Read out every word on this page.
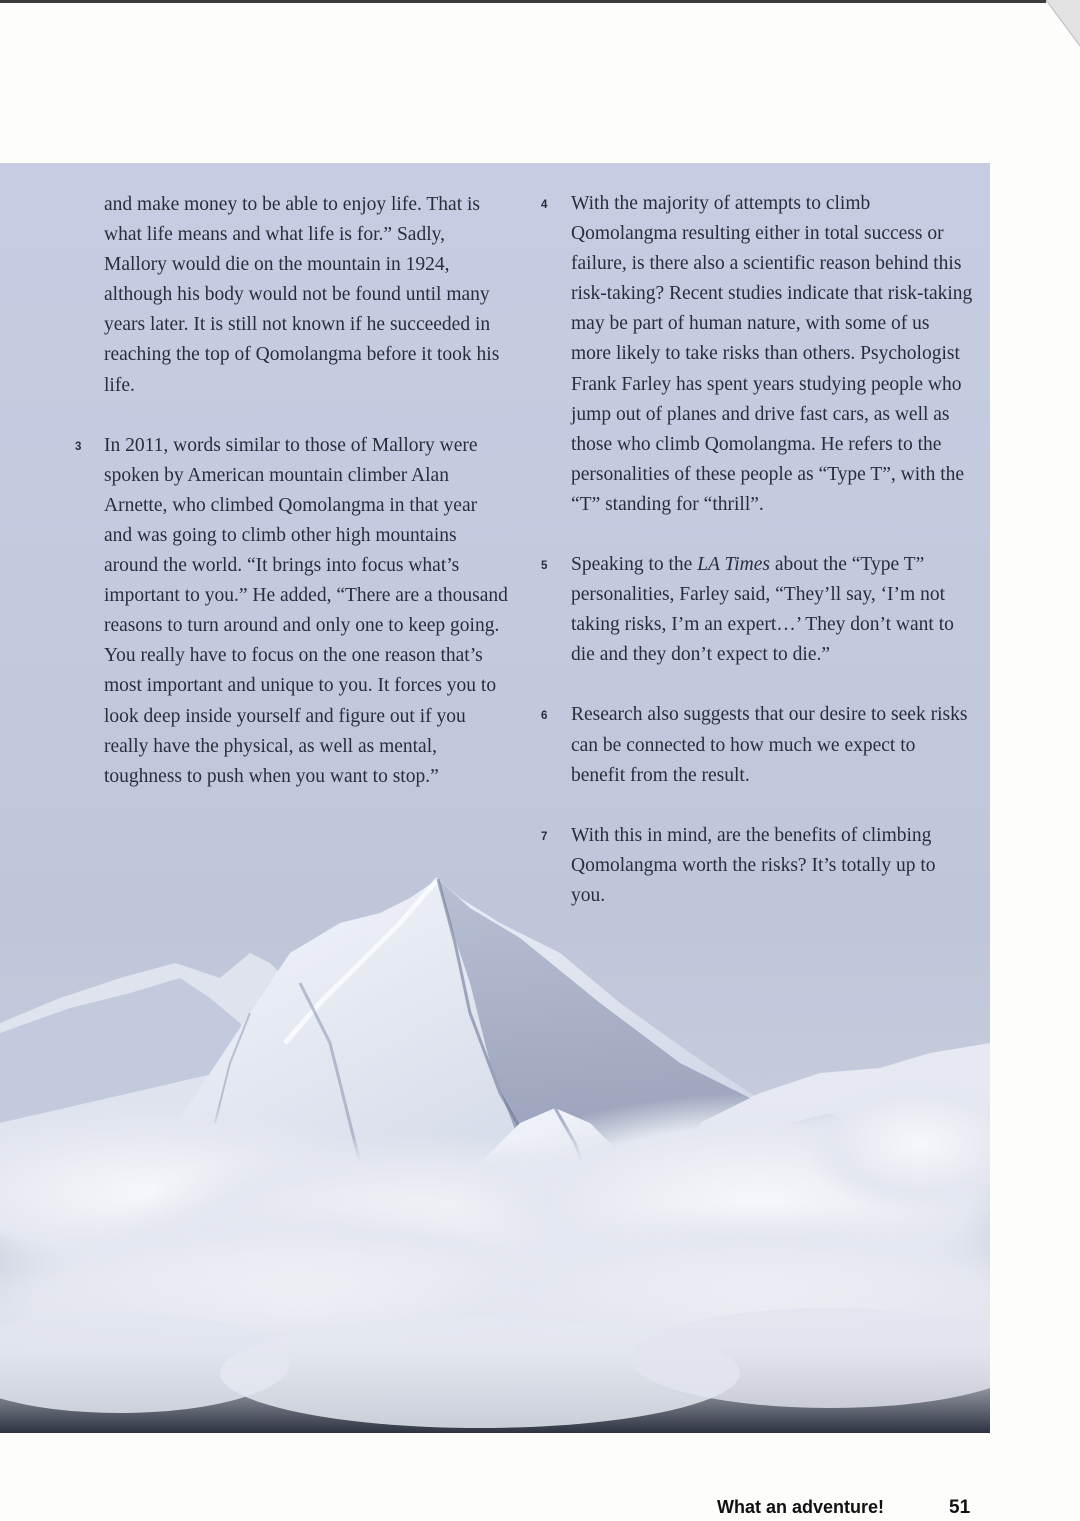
and make money to be able to enjoy life. That is what life means and what life is for.” Sadly, Mallory would die on the mountain in 1924, although his body would not be found until many years later. It is still not known if he succeeded in reaching the top of Qomolangma before it took his life.

3 In 2011, words similar to those of Mallory were spoken by American mountain climber Alan Arnette, who climbed Qomolangma in that year and was going to climb other high mountains around the world. “It brings into focus what’s important to you.” He added, “There are a thousand reasons to turn around and only one to keep going. You really have to focus on the one reason that’s most important and unique to you. It forces you to look deep inside yourself and figure out if you really have the physical, as well as mental, toughness to push when you want to stop.”

4 With the majority of attempts to climb Qomolangma resulting either in total success or failure, is there also a scientific reason behind this risk-taking? Recent studies indicate that risk-taking may be part of human nature, with some of us more likely to take risks than others. Psychologist Frank Farley has spent years studying people who jump out of planes and drive fast cars, as well as those who climb Qomolangma. He refers to the personalities of these people as “Type T”, with the “T” standing for “thrill”.

5 Speaking to the LA Times about the “Type T” personalities, Farley said, “They’ll say, ‘I’m not taking risks, I’m an expert…’ They don’t want to die and they don’t expect to die.”

6 Research also suggests that our desire to seek risks can be connected to how much we expect to benefit from the result.

7 With this in mind, are the benefits of climbing Qomolangma worth the risks? It’s totally up to you.

What an adventure!	51
